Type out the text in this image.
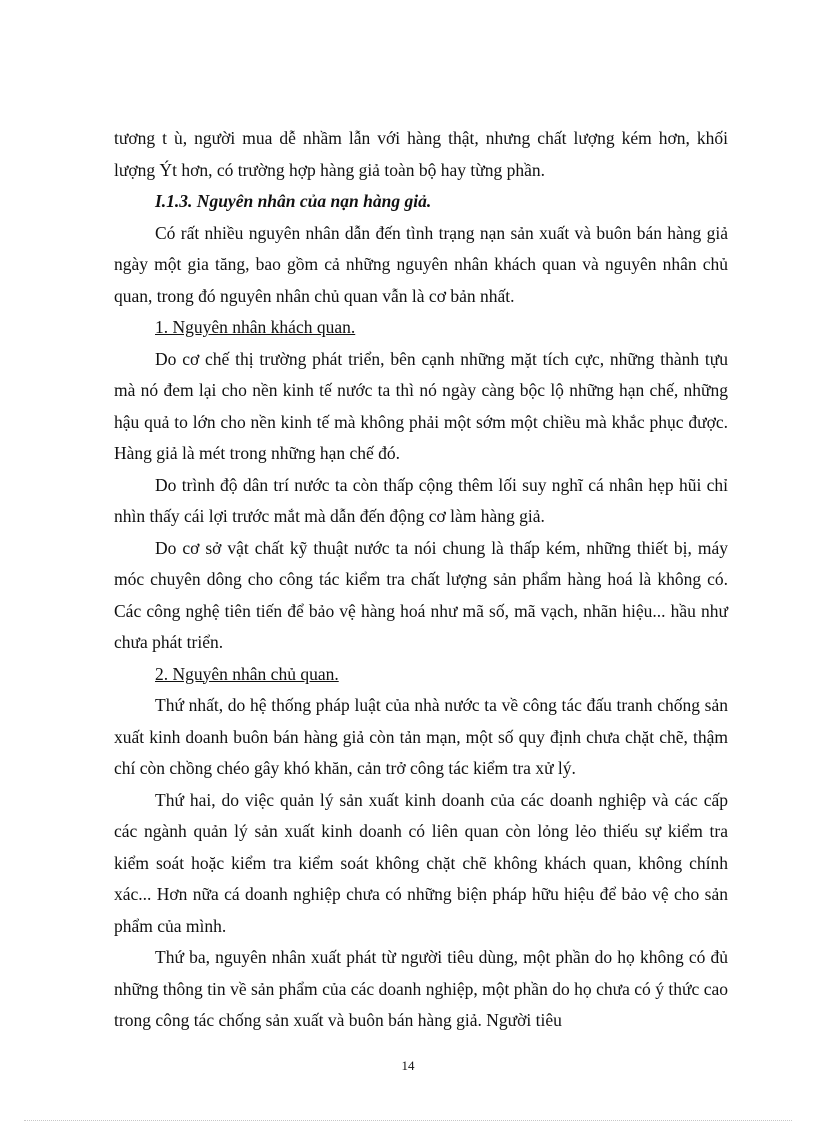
tương t ù, người mua dễ nhầm lẫn với hàng thật, nhưng chất lượng kém hơn, khối lượng Ýt hơn, có trường hợp hàng giả toàn bộ hay từng phần.

I.1.3. Nguyên nhân của nạn hàng giả.

Có rất nhiều nguyên nhân dẫn đến tình trạng nạn sản xuất và buôn bán hàng giả ngày một gia tăng, bao gồm cả những nguyên nhân khách quan và nguyên nhân chủ quan, trong đó nguyên nhân chủ quan vẫn là cơ bản nhất.

1. Nguyên nhân khách quan.

Do cơ chế thị trường phát triển, bên cạnh những mặt tích cực, những thành tựu mà nó đem lại cho nền kinh tế nước ta thì nó ngày càng bộc lộ những hạn chế, những hậu quả to lớn cho nền kinh tế mà không phải một sớm một chiều mà khắc phục được. Hàng giả là mét trong những hạn chế đó.

Do trình độ dân trí nước ta còn thấp cộng thêm lối suy nghĩ cá nhân hẹp hũi chỉ nhìn thấy cái lợi trước mắt mà dẫn đến động cơ làm hàng giả.

Do cơ sở vật chất kỹ thuật nước ta nói chung là thấp kém, những thiết bị, máy móc chuyên dông cho công tác kiểm tra chất lượng sản phẩm hàng hoá là không có. Các công nghệ tiên tiến để bảo vệ hàng hoá như mã số, mã vạch, nhãn hiệu... hầu như chưa phát triển.

2. Nguyên nhân chủ quan.

Thứ nhất, do hệ thống pháp luật của nhà nước ta về công tác đấu tranh chống sản xuất kinh doanh buôn bán hàng giả còn tản mạn, một số quy định chưa chặt chẽ, thậm chí còn chồng chéo gây khó khăn, cản trở công tác kiểm tra xử lý.

Thứ hai, do việc quản lý sản xuất kinh doanh của các doanh nghiệp và các cấp các ngành quản lý sản xuất kinh doanh có liên quan còn lỏng lẻo thiếu sự kiểm tra kiểm soát hoặc kiểm tra kiểm soát không chặt chẽ không khách quan, không chính xác... Hơn nữa cá doanh nghiệp chưa có những biện pháp hữu hiệu để bảo vệ cho sản phẩm của mình.

Thứ ba, nguyên nhân xuất phát từ người tiêu dùng, một phần do họ không có đủ những thông tin về sản phẩm của các doanh nghiệp, một phần do họ chưa có ý thức cao trong công tác chống sản xuất và buôn bán hàng giả. Người tiêu

14
